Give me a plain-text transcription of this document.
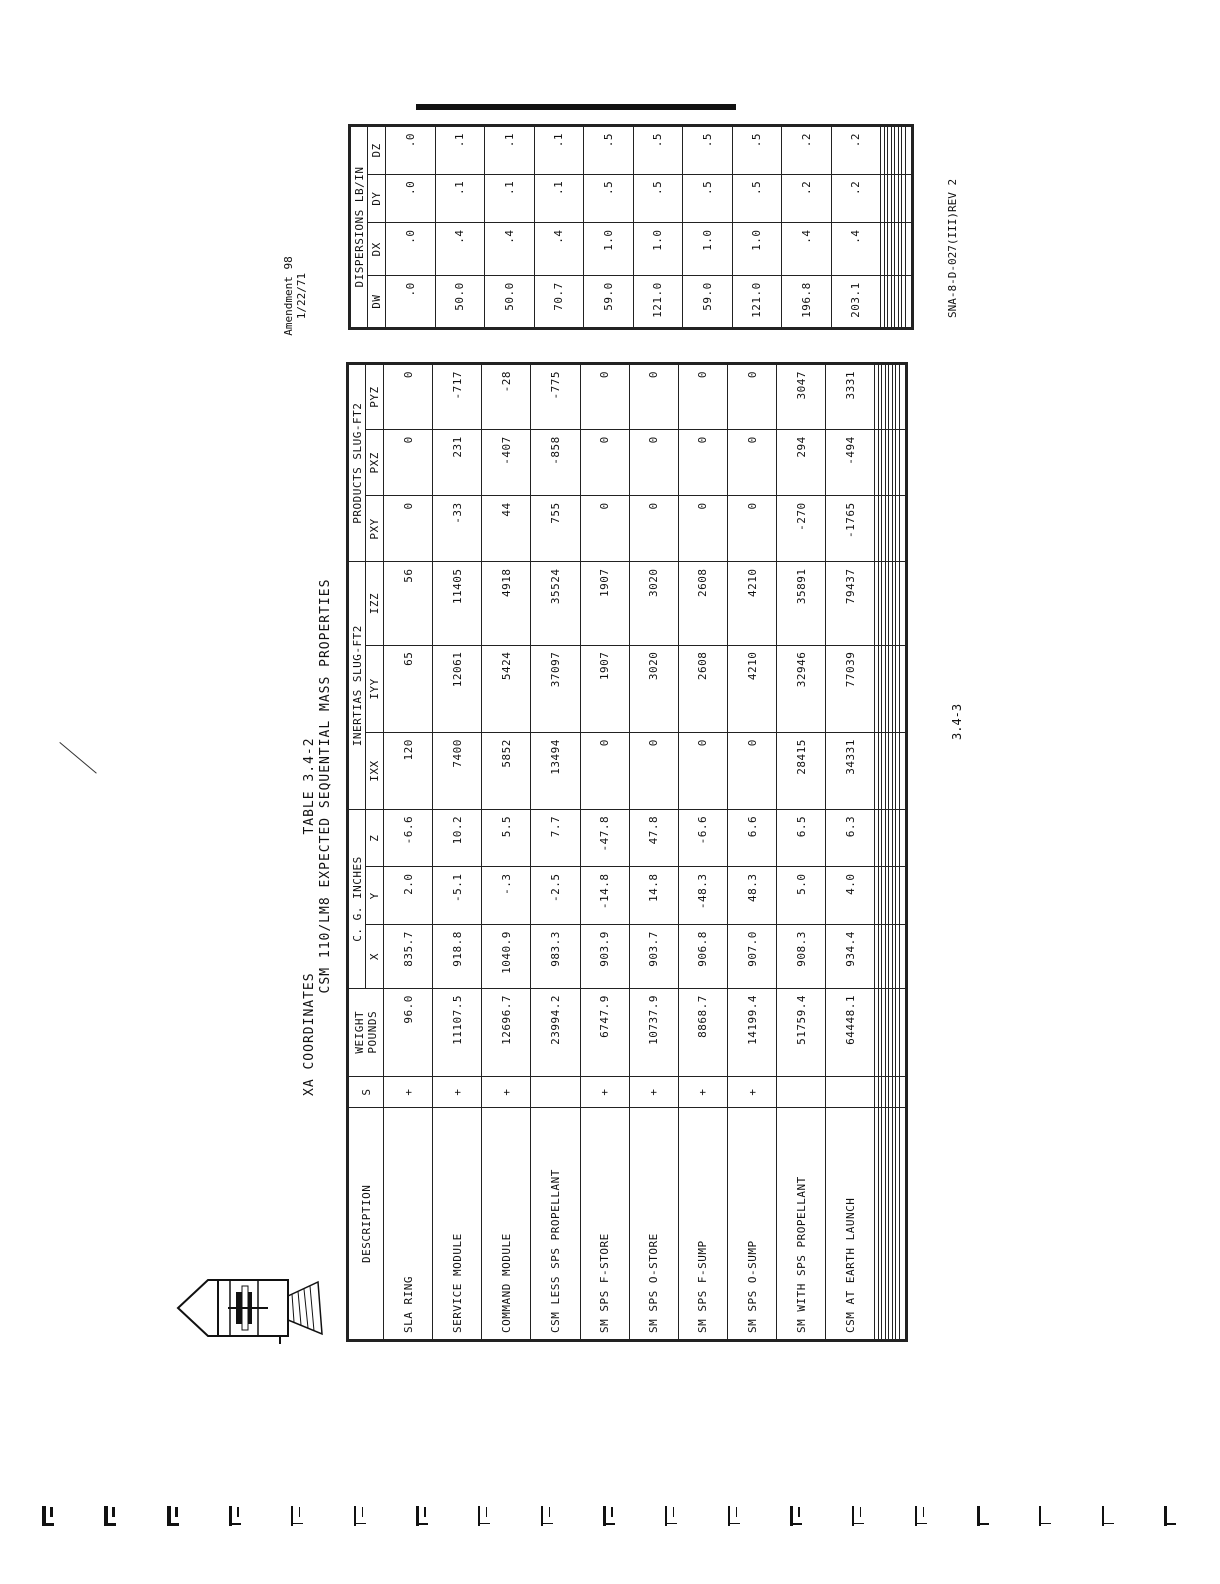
Amendment 98 1/22/71
XA COORDINATES
TABLE 3.4-2 CSM 110/LM8 EXPECTED SEQUENTIAL MASS PROPERTIES
DESCRIPTION	S	WEIGHT POUNDS	C. G. INCHES			INERTIAS SLUG-FT2			PRODUCTS SLUG-FT2		
			X	Y	Z	IXX	IYY	IZZ	PXY	PXZ	PYZ
SLA RING	+	96.0	835.7	2.0	-6.6	120	65	56	0	0	0
SERVICE MODULE	+	11107.5	918.8	-5.1	10.2	7400	12061	11405	-33	231	-717
COMMAND MODULE	+	12696.7	1040.9	-.3	5.5	5852	5424	4918	44	-407	-28
CSM LESS SPS PROPELLANT		23994.2	983.3	-2.5	7.7	13494	37097	35524	755	-858	-775
SM SPS F-STORE	+	6747.9	903.9	-14.8	-47.8	0	1907	1907	0	0	0
SM SPS O-STORE	+	10737.9	903.7	14.8	47.8	0	3020	3020	0	0	0
SM SPS F-SUMP	+	8868.7	906.8	-48.3	-6.6	0	2608	2608	0	0	0
SM SPS O-SUMP	+	14199.4	907.0	48.3	6.6	0	4210	4210	0	0	0
SM WITH SPS PROPELLANT		51759.4	908.3	5.0	6.5	28415	32946	35891	-270	294	3047
CSM AT EARTH LAUNCH		64448.1	934.4	4.0	6.3	34331	77039	79437	-1765	-494	3331

DISPERSIONS LB/IN			
DW	DX	DY	DZ
.0	.0	.0	.0
50.0	.4	.1	.1
50.0	.4	.1	.1
70.7	.4	.1	.1
59.0	1.0	.5	.5
121.0	1.0	.5	.5
59.0	1.0	.5	.5
121.0	1.0	.5	.5
196.8	.4	.2	.2
203.1	.4	.2	.2

3.4-3
SNA-8-D-027(III)REV 2
